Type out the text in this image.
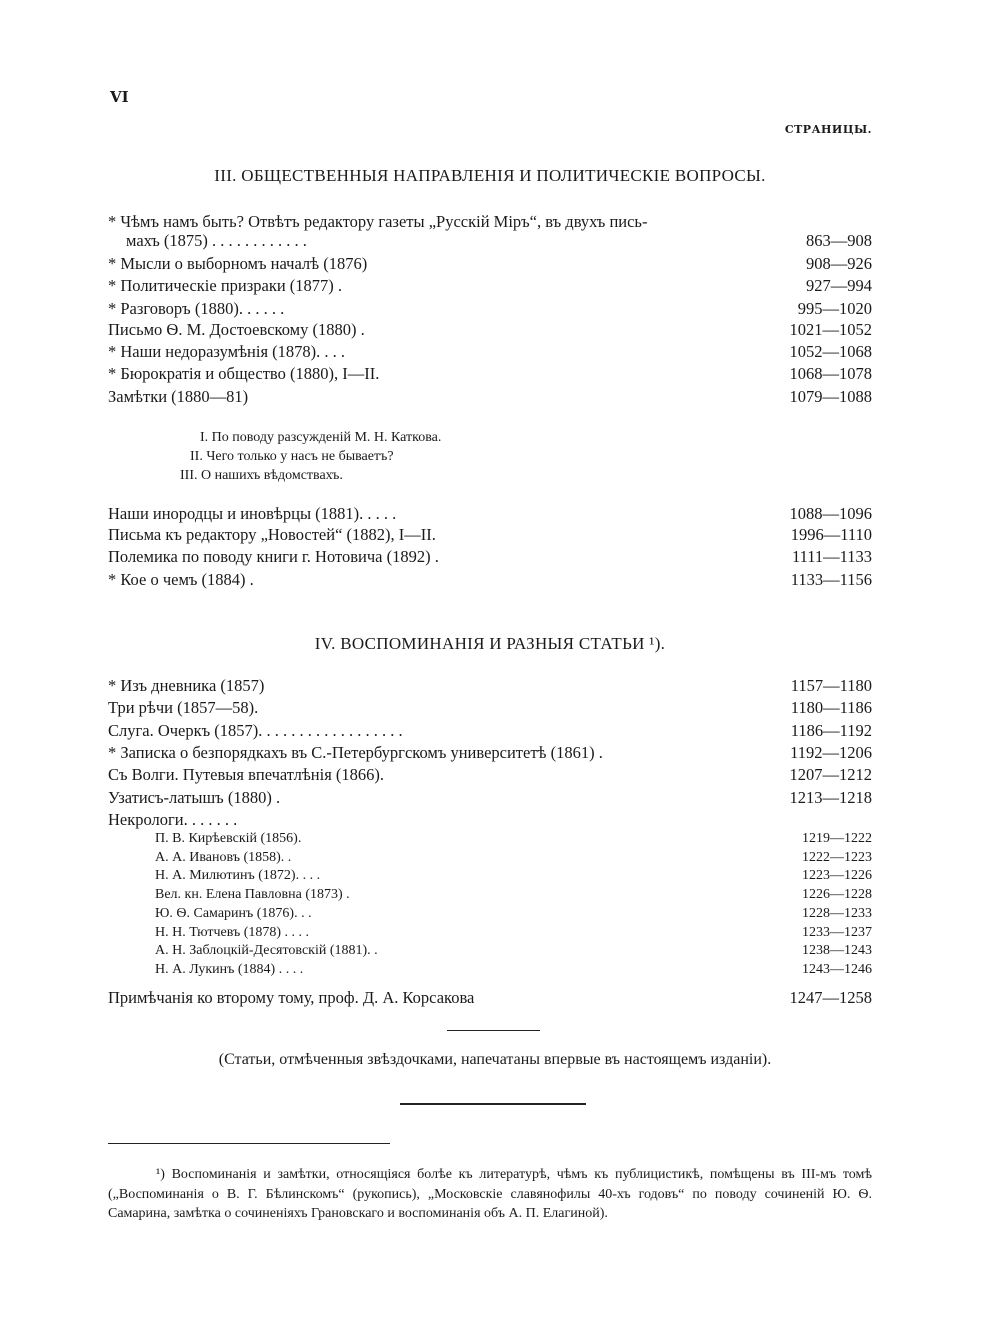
VI
СТРАНИЦЫ.
III. ОБЩЕСТВЕННЫЯ НАПРАВЛЕНІЯ И ПОЛИТИЧЕСКІЕ ВОПРОСЫ.
IV. ВОСПОМИНАНІЯ И РАЗНЫЯ СТАТЬИ ¹).
* Чѣмъ намъ быть? Отвѣтъ редактору газеты „Русскій Міръ“, въ двухъ пись-
махъ (1875) . . . . . . . . . . . .	863—908
* Мысли о выборномъ началѣ (1876)	908—926
* Политическіе призраки (1877) .	927—994
* Разговоръ (1880). . . . . .	995—1020
Письмо Ѳ. М. Достоевскому (1880) .	1021—1052
* Наши недоразумѣнія (1878). . . .	1052—1068
* Бюрократія и общество (1880), I—II.	1068—1078
Замѣтки (1880—81)	1079—1088
I. По поводу разсужденій М. Н. Каткова.
II. Чего только у насъ не бываетъ?
III. О нашихъ вѣдомствахъ.
Наши инородцы и иновѣрцы (1881). . . . .	1088—1096
Письма къ редактору „Новостей“ (1882), I—II.	1996—1110
Полемика по поводу книги г. Нотовича (1892) .	1111—1133
* Кое о чемъ (1884) .	1133—1156
* Изъ дневника (1857)	1157—1180
Три рѣчи (1857—58).	1180—1186
Слуга. Очеркъ (1857). . . . . . . . . . . . . . . . . .	1186—1192
* Записка о безпорядкахъ въ С.-Петербургскомъ университетѣ (1861) .	1192—1206
Съ Волги. Путевыя впечатлѣнія (1866).	1207—1212
Узатисъ-латышъ (1880) .	1213—1218
Некрологи. . . . . . .
П. В. Кирѣевскій (1856).	1219—1222
А. А. Ивановъ (1858). .	1222—1223
Н. А. Милютинъ (1872). . . .	1223—1226
Вел. кн. Елена Павловна (1873) .	1226—1228
Ю. Ѳ. Самаринъ (1876). . .	1228—1233
Н. Н. Тютчевъ (1878) . . . .	1233—1237
А. Н. Заблоцкій-Десятовскій (1881). .	1238—1243
Н. А. Лукинъ (1884) . . . .	1243—1246
Примѣчанія ко второму тому, проф. Д. А. Корсакова	1247—1258
(Статьи, отмѣченныя звѣздочками, напечатаны впервые въ настоящемъ изданіи).
¹) Воспоминанія и замѣтки, относящіяся болѣе къ литературѣ, чѣмъ къ публицистикѣ, помѣщены въ III-мъ томѣ („Воспоминанія о В. Г. Бѣлинскомъ“ (рукопись), „Московскіе славянофилы 40-хъ годовъ“ по поводу сочиненій Ю. Ѳ. Самарина, замѣтка о сочиненіяхъ Грановскаго и воспоминанія объ А. П. Елагиной).
